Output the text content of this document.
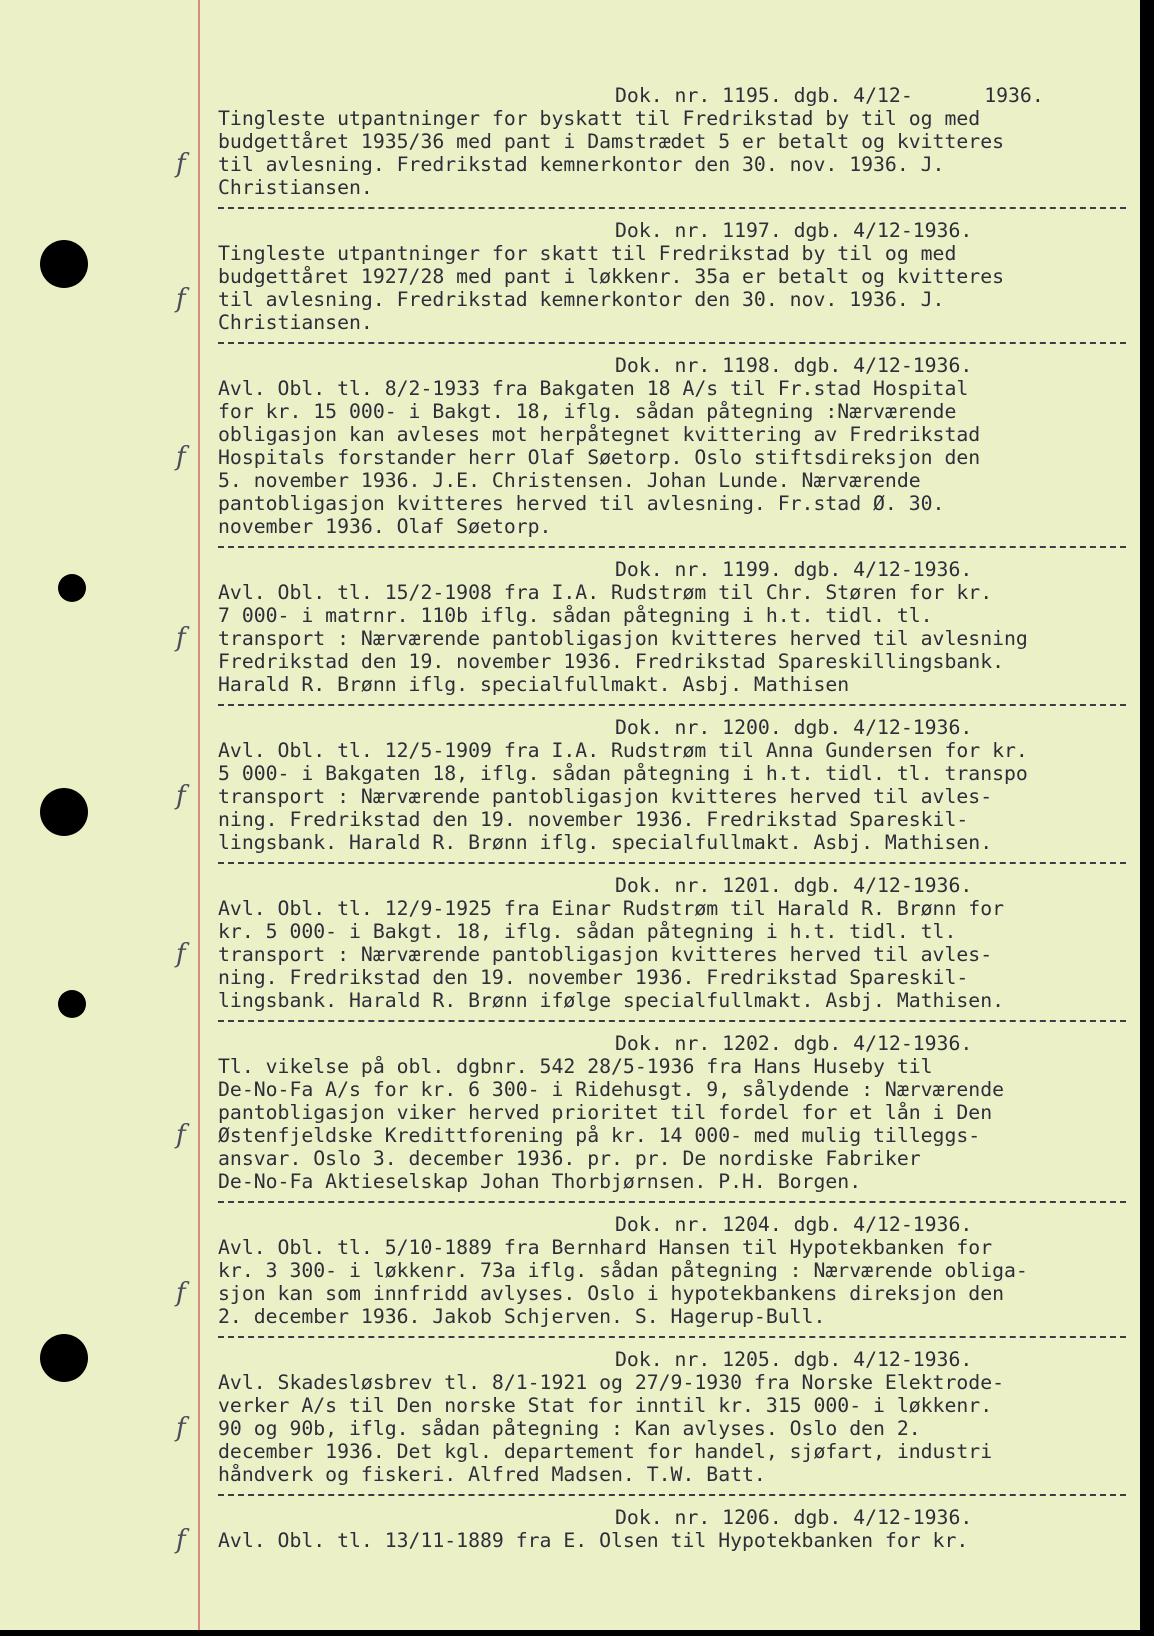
Dok. nr. 1195. dgb. 4/12-      1936.
f
Tingleste utpantninger for byskatt til Fredrikstad by til og med
budgettåret 1935/36 med pant i Damstrædet 5 er betalt og kvitteres
til avlesning. Fredrikstad kemnerkontor den 30. nov. 1936. J.
Christiansen.
Dok. nr. 1197. dgb. 4/12-1936.
f
Tingleste utpantninger for skatt til Fredrikstad by til og med
budgettåret 1927/28 med pant i løkkenr. 35a er betalt og kvitteres
til avlesning. Fredrikstad kemnerkontor den 30. nov. 1936. J.
Christiansen.
Dok. nr. 1198. dgb. 4/12-1936.
f
Avl. Obl. tl. 8/2-1933 fra Bakgaten 18 A/s til Fr.stad Hospital
for kr. 15 000- i Bakgt. 18, iflg. sådan påtegning :Nærværende
obligasjon kan avleses mot herpåtegnet kvittering av Fredrikstad
Hospitals forstander herr Olaf Søetorp. Oslo stiftsdireksjon den
5. november 1936. J.E. Christensen. Johan Lunde. Nærværende
pantobligasjon kvitteres herved til avlesning. Fr.stad Ø. 30.
november 1936. Olaf Søetorp.
Dok. nr. 1199. dgb. 4/12-1936.
f
Avl. Obl. tl. 15/2-1908 fra I.A. Rudstrøm til Chr. Støren for kr.
7 000- i matrnr. 110b iflg. sådan påtegning i h.t. tidl. tl.
transport : Nærværende pantobligasjon kvitteres herved til avlesning
Fredrikstad den 19. november 1936. Fredrikstad Spareskillingsbank.
Harald R. Brønn iflg. specialfullmakt. Asbj. Mathisen
Dok. nr. 1200. dgb. 4/12-1936.
f
Avl. Obl. tl. 12/5-1909 fra I.A. Rudstrøm til Anna Gundersen for kr.
5 000- i Bakgaten 18, iflg. sådan påtegning i h.t. tidl. tl. transpo
transport : Nærværende pantobligasjon kvitteres herved til avles-
ning. Fredrikstad den 19. november 1936. Fredrikstad Spareskil-
lingsbank. Harald R. Brønn iflg. specialfullmakt. Asbj. Mathisen.
Dok. nr. 1201. dgb. 4/12-1936.
f
Avl. Obl. tl. 12/9-1925 fra Einar Rudstrøm til Harald R. Brønn for
kr. 5 000- i Bakgt. 18, iflg. sådan påtegning i h.t. tidl. tl.
transport : Nærværende pantobligasjon kvitteres herved til avles-
ning. Fredrikstad den 19. november 1936. Fredrikstad Spareskil-
lingsbank. Harald R. Brønn ifølge specialfullmakt. Asbj. Mathisen.
Dok. nr. 1202. dgb. 4/12-1936.
f
Tl. vikelse på obl. dgbnr. 542 28/5-1936 fra Hans Huseby til
De-No-Fa A/s for kr. 6 300- i Ridehusgt. 9, sålydende : Nærværende
pantobligasjon viker herved prioritet til fordel for et lån i Den
Østenfjeldske Kredittforening på kr. 14 000- med mulig tilleggs-
ansvar. Oslo 3. december 1936. pr. pr. De nordiske Fabriker
De-No-Fa Aktieselskap Johan Thorbjørnsen. P.H. Borgen.
Dok. nr. 1204. dgb. 4/12-1936.
f
Avl. Obl. tl. 5/10-1889 fra Bernhard Hansen til Hypotekbanken for
kr. 3 300- i løkkenr. 73a iflg. sådan påtegning : Nærværende obliga-
sjon kan som innfridd avlyses. Oslo i hypotekbankens direksjon den
2. december 1936. Jakob Schjerven. S. Hagerup-Bull.
Dok. nr. 1205. dgb. 4/12-1936.
f
Avl. Skadesløsbrev tl. 8/1-1921 og 27/9-1930 fra Norske Elektrode-
verker A/s til Den norske Stat for inntil kr. 315 000- i løkkenr.
90 og 90b, iflg. sådan påtegning : Kan avlyses. Oslo den 2.
december 1936. Det kgl. departement for handel, sjøfart, industri
håndverk og fiskeri. Alfred Madsen. T.W. Batt.
Dok. nr. 1206. dgb. 4/12-1936.
f Avl. Obl. tl. 13/11-1889 fra E. Olsen til Hypotekbanken for kr.
